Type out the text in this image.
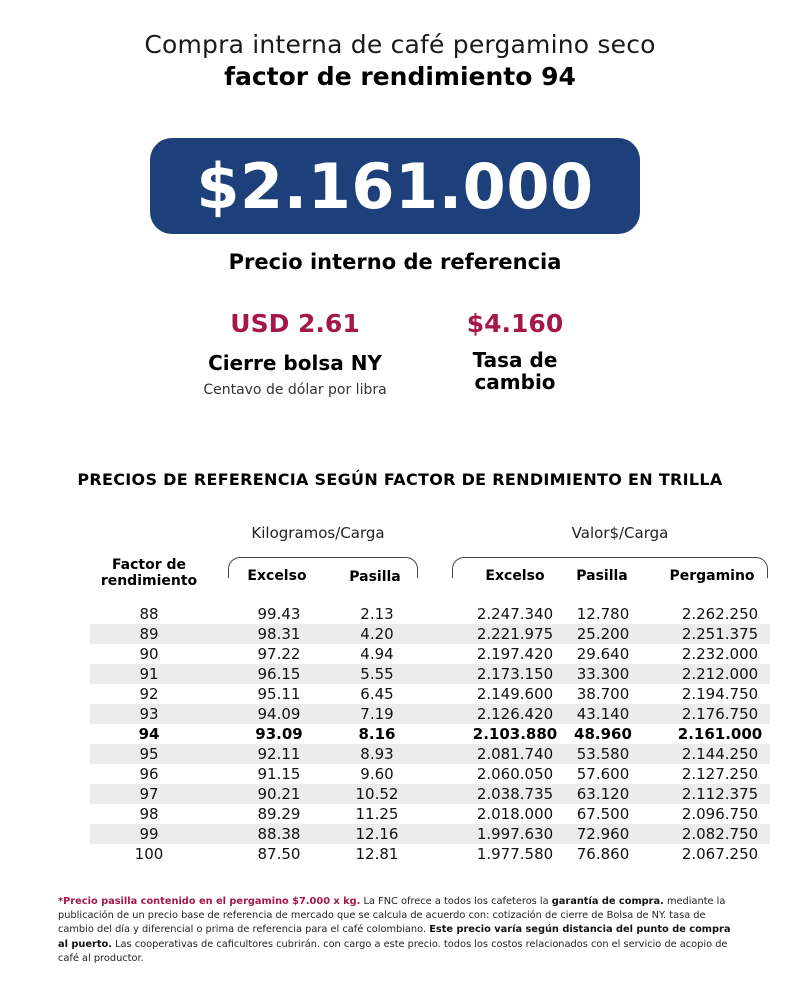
Compra interna de café pergamino seco
factor de rendimiento 94
$2.161.000
Precio interno de referencia
USD 2.61
Cierre bolsa NY
Centavo de dólar por libra
$4.160
Tasa de
cambio
PRECIOS DE REFERENCIA SEGÚN FACTOR DE RENDIMIENTO EN TRILLA
Kilogramos/Carga	Valor$/Carga
Factor de
rendimiento	Excelso	Pasilla	Excelso	Pasilla	Pergamino
88	99.43	2.13	2.247.340	12.780	2.262.250
89	98.31	4.20	2.221.975	25.200	2.251.375
90	97.22	4.94	2.197.420	29.640	2.232.000
91	96.15	5.55	2.173.150	33.300	2.212.000
92	95.11	6.45	2.149.600	38.700	2.194.750
93	94.09	7.19	2.126.420	43.140	2.176.750
94	93.09	8.16	2.103.880	48.960	2.161.000
95	92.11	8.93	2.081.740	53.580	2.144.250
96	91.15	9.60	2.060.050	57.600	2.127.250
97	90.21	10.52	2.038.735	63.120	2.112.375
98	89.29	11.25	2.018.000	67.500	2.096.750
99	88.38	12.16	1.997.630	72.960	2.082.750
100	87.50	12.81	1.977.580	76.860	2.067.250
*Precio pasilla contenido en el pergamino $7.000 x kg. La FNC ofrece a todos los cafeteros la garantía de compra. mediante la publicación de un precio base de referencia de mercado que se calcula de acuerdo con: cotización de cierre de Bolsa de NY. tasa de cambio del día y diferencial o prima de referencia para el café colombiano. Este precio varía según distancia del punto de compra al puerto. Las cooperativas de caficultores cubrirán. con cargo a este precio. todos los costos relacionados con el servicio de acopio de café al productor.
